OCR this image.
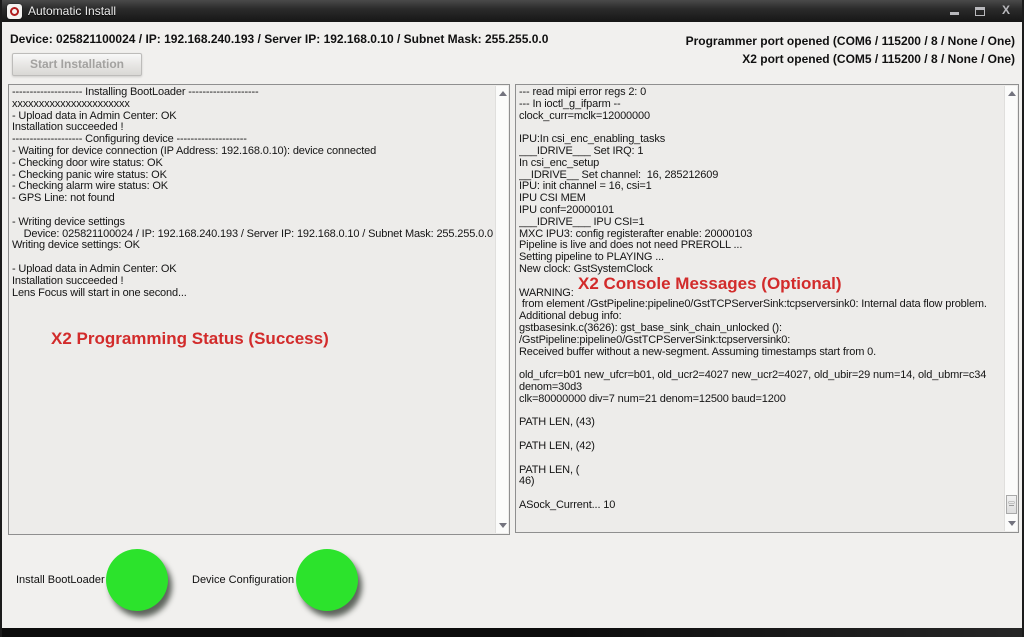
Automatic Install	X
Device: 025821100024 / IP: 192.168.240.193 / Server IP: 192.168.0.10 / Subnet Mask: 255.255.0.0	Programmer port opened (COM6 / 115200 / 8 / None / One)
X2 port opened (COM5 / 115200 / 8 / None / One)
Start Installation
-------------------- Installing BootLoader --------------------
xxxxxxxxxxxxxxxxxxxxxx
- Upload data in Admin Center: OK
Installation succeeded !
-------------------- Configuring device --------------------
- Waiting for device connection (IP Address: 192.168.0.10): device connected
- Checking door wire status: OK
- Checking panic wire status: OK
- Checking alarm wire status: OK
- GPS Line: not found

- Writing device settings
Device: 025821100024 / IP: 192.168.240.193 / Server IP: 192.168.0.10 / Subnet Mask: 255.255.0.0
Writing device settings: OK

- Upload data in Admin Center: OK
Installation succeeded !
Lens Focus will start in one second...
X2 Programming Status (Success)
--- read mipi error regs 2: 0
--- In ioctl_g_ifparm --
clock_curr=mclk=12000000

IPU:In csi_enc_enabling_tasks
___IDRIVE___ Set IRQ: 1
In csi_enc_setup
__IDRIVE__ Set channel:  16, 285212609
IPU: init channel = 16, csi=1
IPU CSI MEM
IPU conf=20000101
___IDRIVE___ IPU CSI=1
MXC IPU3: config registerafter enable: 20000103
Pipeline is live and does not need PREROLL ...
Setting pipeline to PLAYING ...
New clock: GstSystemClock

WARNING:
from element /GstPipeline:pipeline0/GstTCPServerSink:tcpserversink0: Internal data flow problem.
Additional debug info:
gstbasesink.c(3626): gst_base_sink_chain_unlocked ():
/GstPipeline:pipeline0/GstTCPServerSink:tcpserversink0:
Received buffer without a new-segment. Assuming timestamps start from 0.

old_ufcr=b01 new_ufcr=b01, old_ucr2=4027 new_ucr2=4027, old_ubir=29 num=14, old_ubmr=c34
denom=30d3
clk=80000000 div=7 num=21 denom=12500 baud=1200

PATH LEN, (43)

PATH LEN, (42)

PATH LEN, (
46)

ASock_Current... 10
X2 Console Messages (Optional)
Install BootLoader	Device Configuration
